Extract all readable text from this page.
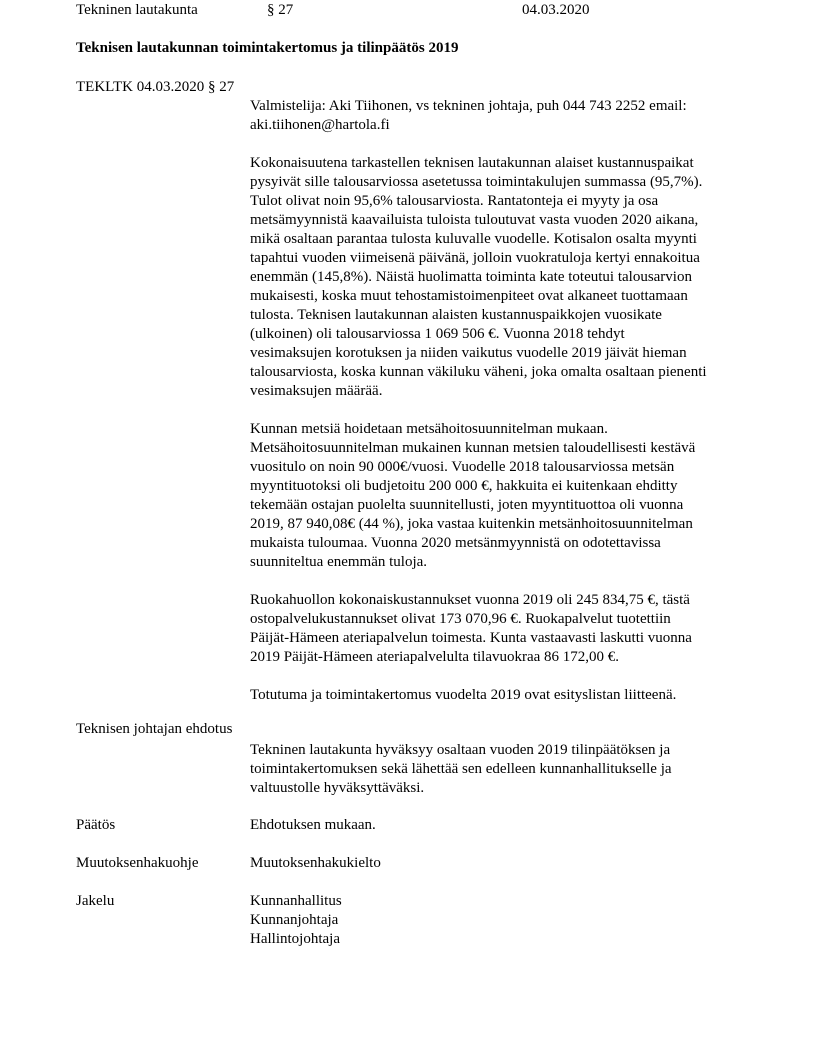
Tekninen lautakunta	§ 27	04.03.2020
Teknisen lautakunnan toimintakertomus ja tilinpäätös 2019
TEKLTK 04.03.2020 § 27
Valmistelija: Aki Tiihonen, vs tekninen johtaja, puh 044 743 2252 email:
aki.tiihonen@hartola.fi
Kokonaisuutena tarkastellen teknisen lautakunnan alaiset kustannuspaikat
pysyivät sille talousarviossa asetetussa toimintakulujen summassa (95,7%).
Tulot olivat noin 95,6% talousarviosta. Rantatonteja ei myyty ja osa
metsämyynnistä kaavailuista tuloista tuloutuvat vasta vuoden 2020 aikana,
mikä osaltaan parantaa tulosta kuluvalle vuodelle. Kotisalon osalta myynti
tapahtui vuoden viimeisenä päivänä, jolloin vuokratuloja kertyi ennakoitua
enemmän (145,8%). Näistä huolimatta toiminta kate toteutui talousarvion
mukaisesti, koska muut tehostamistoimenpiteet ovat alkaneet tuottamaan
tulosta. Teknisen lautakunnan alaisten kustannuspaikkojen vuosikate
(ulkoinen) oli talousarviossa 1 069 506 €. Vuonna 2018 tehdyt
vesimaksujen korotuksen ja niiden vaikutus vuodelle 2019 jäivät hieman
talousarviosta, koska kunnan väkiluku väheni, joka omalta osaltaan pienenti
vesimaksujen määrää.
Kunnan metsiä hoidetaan metsähoitosuunnitelman mukaan.
Metsähoitosuunnitelman mukainen kunnan metsien taloudellisesti kestävä
vuositulo on noin 90 000€/vuosi. Vuodelle 2018 talousarviossa metsän
myyntituotoksi oli budjetoitu 200 000 €, hakkuita ei kuitenkaan ehditty
tekemään ostajan puolelta suunnitellusti, joten myyntituottoa oli vuonna
2019, 87 940,08€ (44 %), joka vastaa kuitenkin metsänhoitosuunnitelman
mukaista tuloumaa. Vuonna 2020 metsänmyynnistä on odotettavissa
suunniteltua enemmän tuloja.
Ruokahuollon kokonaiskustannukset vuonna 2019 oli 245 834,75 €, tästä
ostopalvelukustannukset olivat 173 070,96 €. Ruokapalvelut tuotettiin
Päijät-Hämeen ateriapalvelun toimesta. Kunta vastaavasti laskutti vuonna
2019 Päijät-Hämeen ateriapalvelulta tilavuokraa 86 172,00 €.
Totutuma ja toimintakertomus vuodelta 2019 ovat esityslistan liitteenä.
Teknisen johtajan ehdotus
Tekninen lautakunta hyväksyy osaltaan vuoden 2019 tilinpäätöksen ja
toimintakertomuksen sekä lähettää sen edelleen kunnanhallitukselle ja
valtuustolle hyväksyttäväksi.
Päätös	Ehdotuksen mukaan.
Muutoksenhakuohje	Muutoksenhakukielto
Jakelu	Kunnanhallitus
Kunnanjohtaja
Hallintojohtaja
